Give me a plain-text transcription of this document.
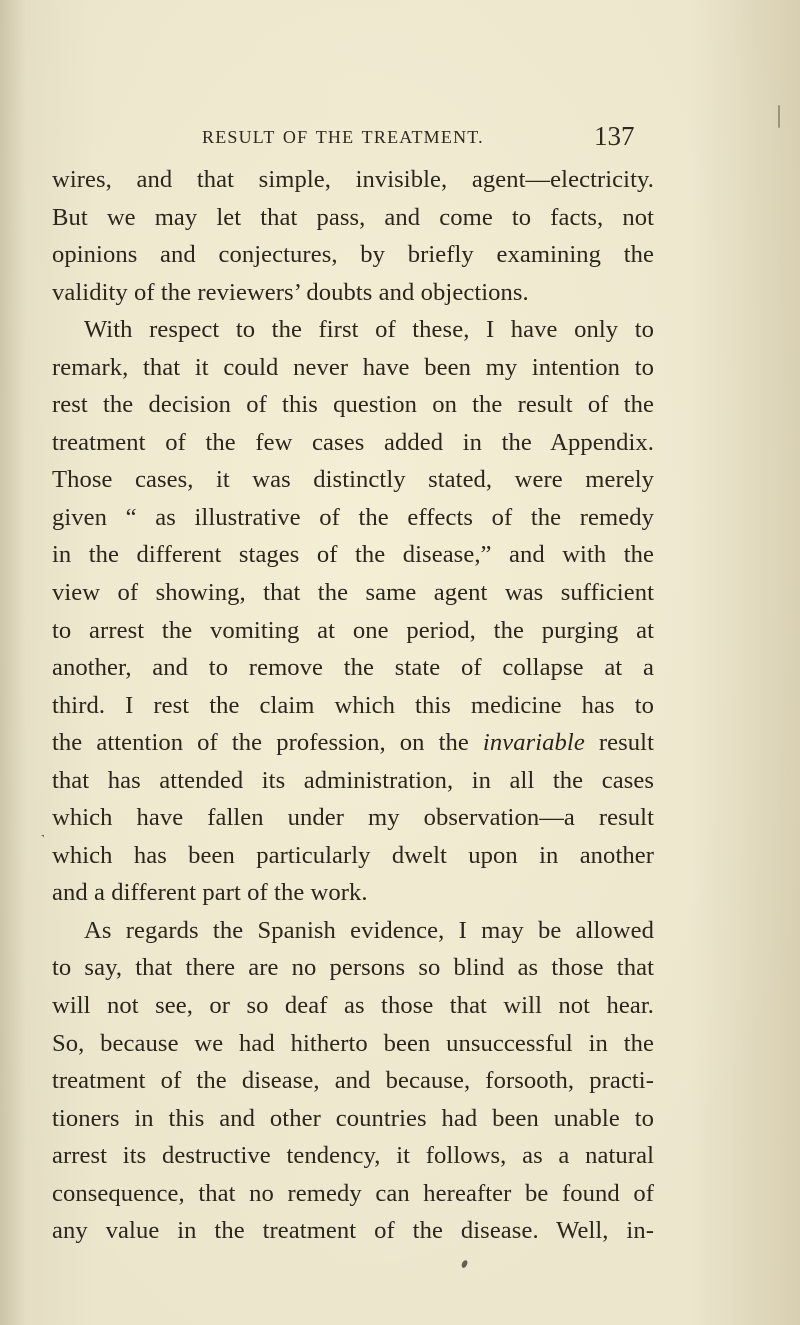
RESULT OF THE TREATMENT.	137
wires, and that simple, invisible, agent—electricity.
But we may let that pass, and come to facts, not
opinions and conjectures, by briefly examining the
validity of the reviewers’ doubts and objections.
With respect to the first of these, I have only to
remark, that it could never have been my intention to
rest the decision of this question on the result of the
treatment of the few cases added in the Appendix.
Those cases, it was distinctly stated, were merely
given “ as illustrative of the effects of the remedy
in the different stages of the disease,” and with the
view of showing, that the same agent was sufficient
to arrest the vomiting at one period, the purging at
another, and to remove the state of collapse at a
third. I rest the claim which this medicine has to
the attention of the profession, on the invariable result
that has attended its administration, in all the cases
which have fallen under my observation—a result
which has been particularly dwelt upon in another
and a different part of the work.
As regards the Spanish evidence, I may be allowed
to say, that there are no persons so blind as those that
will not see, or so deaf as those that will not hear.
So, because we had hitherto been unsuccessful in the
treatment of the disease, and because, forsooth, practi-
tioners in this and other countries had been unable to
arrest its destructive tendency, it follows, as a natural
consequence, that no remedy can hereafter be found of
any value in the treatment of the disease. Well, in-
ˆ
